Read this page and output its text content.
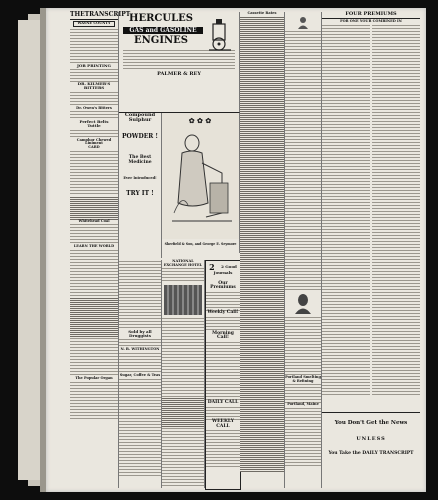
THETRANSCRIPT
WAYNE COUNTY
JOB PRINTING
DR. KILMER'S
BITTERS
Dr. Owen's Bitters
Perfect Belts
Tuttle
Camphor Chewed Liniment
CARD
Whitehead Coal
LEARN THE WORLD
The Popular Organ
HERCULES
GAS and GASOLINE
ENGINES
PALMER & REY
Compound Sulphur
POWDER !
The Best Medicine
Ever Introduced!
TRY IT !
✿ ✿ ✿
Sherfield & Son, and George E. Seymore
Sold by all Druggists
N. B. WITHINGTON
Sugar, Coffee & Teas
NATIONAL EXCHANGE HOTEL 2 2 Good
Journals
Our Premiums
Weekly Call!
Morning Call!
DAILY CALL
WEEKLY CALL
Cassette Rates
Portland Smelting & Refining
Portland, Maine
FOUR PREMIUMS
FOR ONE YOUR COMBINED IN
You Don't Get the News
UNLESS
You Take the DAILY TRANSCRIPT
